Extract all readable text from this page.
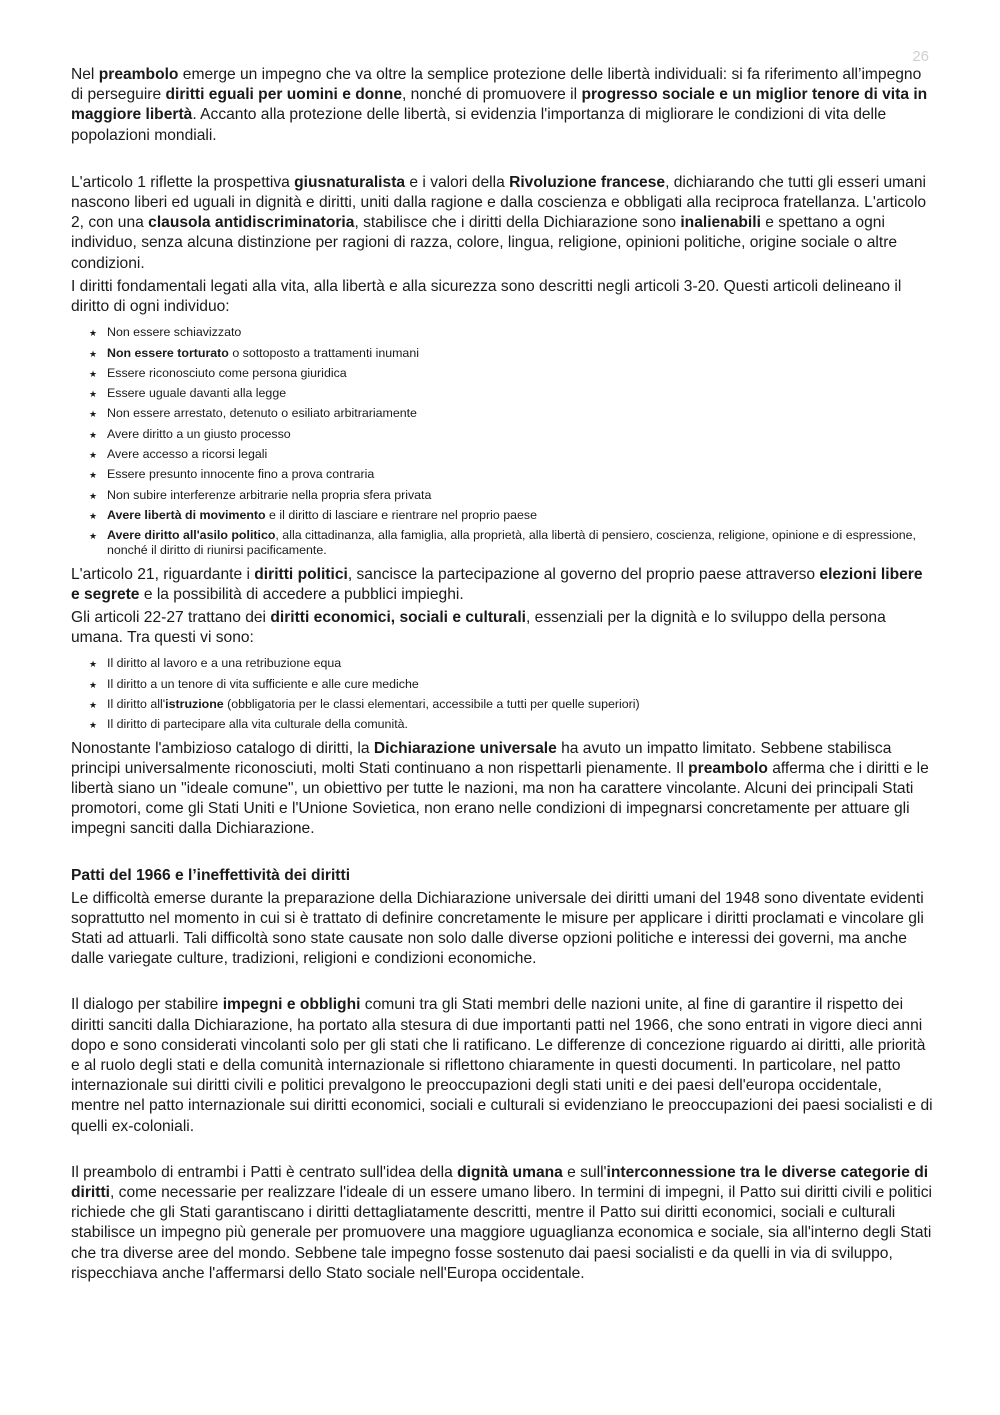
26

Nel preambolo emerge un impegno che va oltre la semplice protezione delle libertà individuali: si fa riferimento all’impegno di perseguire diritti eguali per uomini e donne, nonché di promuovere il progresso sociale e un miglior tenore di vita in maggiore libertà. Accanto alla protezione delle libertà, si evidenzia l'importanza di migliorare le condizioni di vita delle popolazioni mondiali.

L'articolo 1 riflette la prospettiva giusnaturalista e i valori della Rivoluzione francese, dichiarando che tutti gli esseri umani nascono liberi ed uguali in dignità e diritti, uniti dalla ragione e dalla coscienza e obbligati alla reciproca fratellanza. L'articolo 2, con una clausola antidiscriminatoria, stabilisce che i diritti della Dichiarazione sono inalienabili e spettano a ogni individuo, senza alcuna distinzione per ragioni di razza, colore, lingua, religione, opinioni politiche, origine sociale o altre condizioni.

I diritti fondamentali legati alla vita, alla libertà e alla sicurezza sono descritti negli articoli 3-20. Questi articoli delineano il diritto di ogni individuo:

★ Non essere schiavizzato
★ Non essere torturato o sottoposto a trattamenti inumani
★ Essere riconosciuto come persona giuridica
★ Essere uguale davanti alla legge
★ Non essere arrestato, detenuto o esiliato arbitrariamente
★ Avere diritto a un giusto processo
★ Avere accesso a ricorsi legali
★ Essere presunto innocente fino a prova contraria
★ Non subire interferenze arbitrarie nella propria sfera privata
★ Avere libertà di movimento e il diritto di lasciare e rientrare nel proprio paese
★ Avere diritto all'asilo politico, alla cittadinanza, alla famiglia, alla proprietà, alla libertà di pensiero, coscienza, religione, opinione e di espressione, nonché il diritto di riunirsi pacificamente.

L'articolo 21, riguardante i diritti politici, sancisce la partecipazione al governo del proprio paese attraverso elezioni libere e segrete e la possibilità di accedere a pubblici impieghi.

Gli articoli 22-27 trattano dei diritti economici, sociali e culturali, essenziali per la dignità e lo sviluppo della persona umana. Tra questi vi sono:

★ Il diritto al lavoro e a una retribuzione equa
★ Il diritto a un tenore di vita sufficiente e alle cure mediche
★ Il diritto all'istruzione (obbligatoria per le classi elementari, accessibile a tutti per quelle superiori)
★ Il diritto di partecipare alla vita culturale della comunità.

Nonostante l'ambizioso catalogo di diritti, la Dichiarazione universale ha avuto un impatto limitato. Sebbene stabilisca principi universalmente riconosciuti, molti Stati continuano a non rispettarli pienamente. Il preambolo afferma che i diritti e le libertà siano un "ideale comune", un obiettivo per tutte le nazioni, ma non ha carattere vincolante. Alcuni dei principali Stati promotori, come gli Stati Uniti e l'Unione Sovietica, non erano nelle condizioni di impegnarsi concretamente per attuare gli impegni sanciti dalla Dichiarazione.

Patti del 1966 e l’ineffettività dei diritti

Le difficoltà emerse durante la preparazione della Dichiarazione universale dei diritti umani del 1948 sono diventate evidenti soprattutto nel momento in cui si è trattato di definire concretamente le misure per applicare i diritti proclamati e vincolare gli Stati ad attuarli. Tali difficoltà sono state causate non solo dalle diverse opzioni politiche e interessi dei governi, ma anche dalle variegate culture, tradizioni, religioni e condizioni economiche.

Il dialogo per stabilire impegni e obblighi comuni tra gli Stati membri delle nazioni unite, al fine di garantire il rispetto dei diritti sanciti dalla Dichiarazione, ha portato alla stesura di due importanti patti nel 1966, che sono entrati in vigore dieci anni dopo e sono considerati vincolanti solo per gli stati che li ratificano. Le differenze di concezione riguardo ai diritti, alle priorità e al ruolo degli stati e della comunità internazionale si riflettono chiaramente in questi documenti. In particolare, nel patto internazionale sui diritti civili e politici prevalgono le preoccupazioni degli stati uniti e dei paesi dell'europa occidentale, mentre nel patto internazionale sui diritti economici, sociali e culturali si evidenziano le preoccupazioni dei paesi socialisti e di quelli ex-coloniali.

Il preambolo di entrambi i Patti è centrato sull'idea della dignità umana e sull'interconnessione tra le diverse categorie di diritti, come necessarie per realizzare l'ideale di un essere umano libero. In termini di impegni, il Patto sui diritti civili e politici richiede che gli Stati garantiscano i diritti dettagliatamente descritti, mentre il Patto sui diritti economici, sociali e culturali stabilisce un impegno più generale per promuovere una maggiore uguaglianza economica e sociale, sia all'interno degli Stati che tra diverse aree del mondo. Sebbene tale impegno fosse sostenuto dai paesi socialisti e da quelli in via di sviluppo, rispecchiava anche l'affermarsi dello Stato sociale nell'Europa occidentale.
